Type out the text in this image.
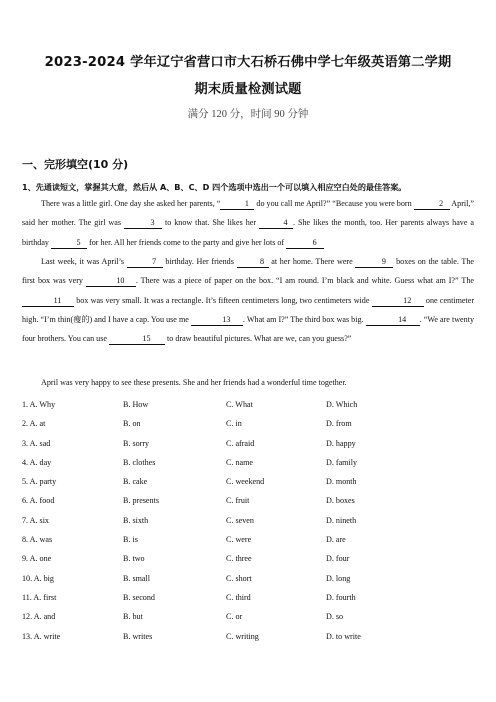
2023-2024 学年辽宁省营口市大石桥石佛中学七年级英语第二学期
期末质量检测试题
满分 120 分，时间 90 分钟
一、完形填空(10 分)
1、先通读短文，掌握其大意，然后从 A、B、C、D 四个选项中选出一个可以填入相应空白处的最佳答案。
There was a little girl. One day she asked her parents, “	1 do you call me April?” “Because you were born	2 April,” said her mother. The girl was	3 to know that. She likes her	4 . She likes the month, too. Her parents always have a birthday	5 for her. All her friends come to the party and give her lots of	6
Last week, it was April’s	7 birthday. Her friends	8 at her home. There were	9 boxes on the table. The first box was very	10 . There was a piece of paper on the box. “I am round. I’m black and white. Guess what am I?” The 11 box was very small. It was a rectangle. It’s fifteen centimeters long, two centimeters wide	12 one centimeter high. “I’m thin(瘦的) and I have a cap. You use me	13 . What am I?” The third box was big.	14 . “We are twenty four brothers. You can use	15 to draw beautiful pictures. What are we, can you guess?”
April was very happy to see these presents. She and her friends had a wonderful time together.
1. A. Why	B. How	C. What	D. Which
2. A. at	B. on	C. in	D. from
3. A. sad	B. sorry	C. afraid	D. happy
4. A. day	B. clothes	C. name	D. family
5. A. party	B. cake	C. weekend	D. month
6. A. food	B. presents	C. fruit	D. boxes
7. A. six	B. sixth	C. seven	D. nineth
8. A. was	B. is	C. were	D. are
9. A. one	B. two	C. three	D. four
10. A. big	B. small	C. short	D. long
11. A. first	B. second	C. third	D. fourth
12. A. and	B. but	C. or	D. so
13. A. write	B. writes	C. writing	D. to write
